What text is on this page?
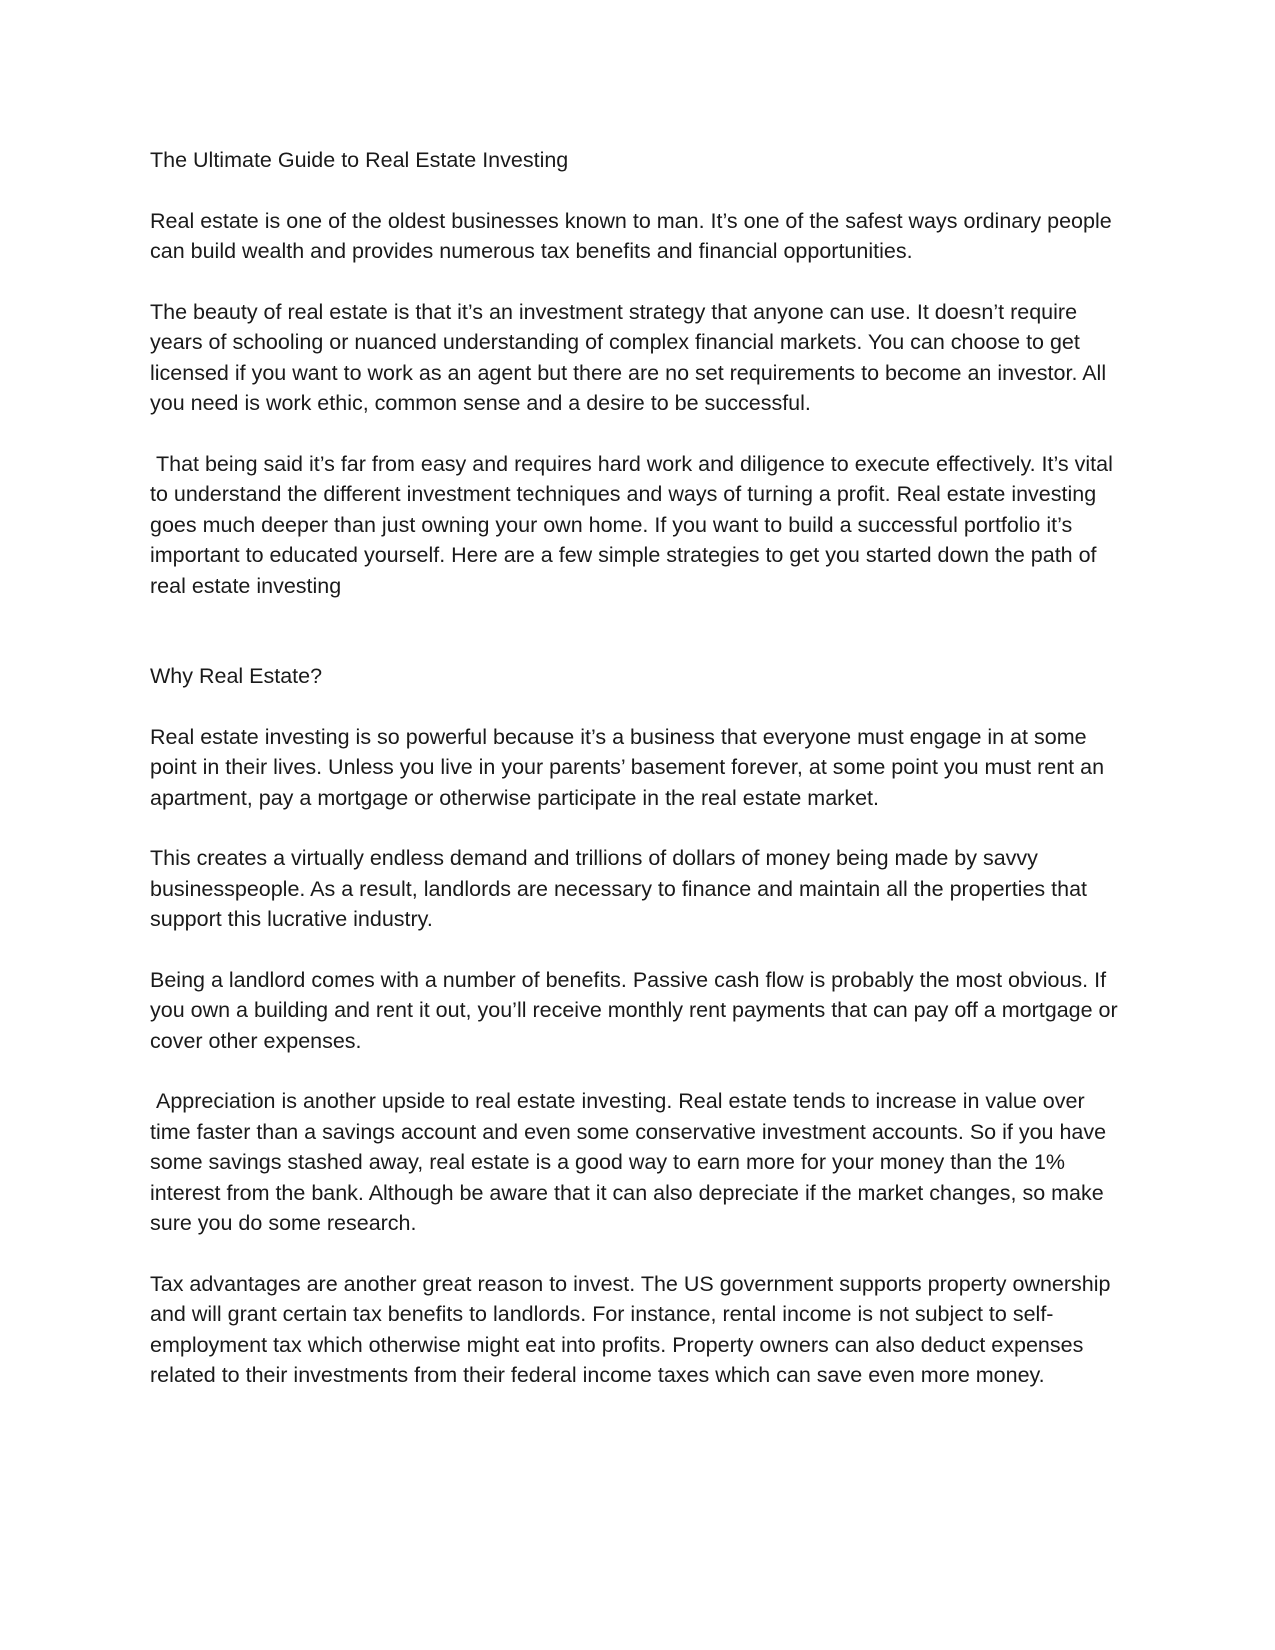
The Ultimate Guide to Real Estate Investing

Real estate is one of the oldest businesses known to man. It’s one of the safest ways ordinary people can build wealth and provides numerous tax benefits and financial opportunities.

The beauty of real estate is that it’s an investment strategy that anyone can use. It doesn’t require years of schooling or nuanced understanding of complex financial markets. You can choose to get licensed if you want to work as an agent but there are no set requirements to become an investor. All you need is work ethic, common sense and a desire to be successful.

That being said it’s far from easy and requires hard work and diligence to execute effectively. It’s vital to understand the different investment techniques and ways of turning a profit. Real estate investing goes much deeper than just owning your own home. If you want to build a successful portfolio it’s important to educated yourself. Here are a few simple strategies to get you started down the path of real estate investing

Why Real Estate?

Real estate investing is so powerful because it’s a business that everyone must engage in at some point in their lives. Unless you live in your parents’ basement forever, at some point you must rent an apartment, pay a mortgage or otherwise participate in the real estate market.

This creates a virtually endless demand and trillions of dollars of money being made by savvy businesspeople. As a result, landlords are necessary to finance and maintain all the properties that support this lucrative industry.

Being a landlord comes with a number of benefits. Passive cash flow is probably the most obvious. If you own a building and rent it out, you’ll receive monthly rent payments that can pay off a mortgage or cover other expenses.

Appreciation is another upside to real estate investing. Real estate tends to increase in value over time faster than a savings account and even some conservative investment accounts. So if you have some savings stashed away, real estate is a good way to earn more for your money than the 1% interest from the bank. Although be aware that it can also depreciate if the market changes, so make sure you do some research.

Tax advantages are another great reason to invest. The US government supports property ownership and will grant certain tax benefits to landlords. For instance, rental income is not subject to self-employment tax which otherwise might eat into profits. Property owners can also deduct expenses related to their investments from their federal income taxes which can save even more money.
